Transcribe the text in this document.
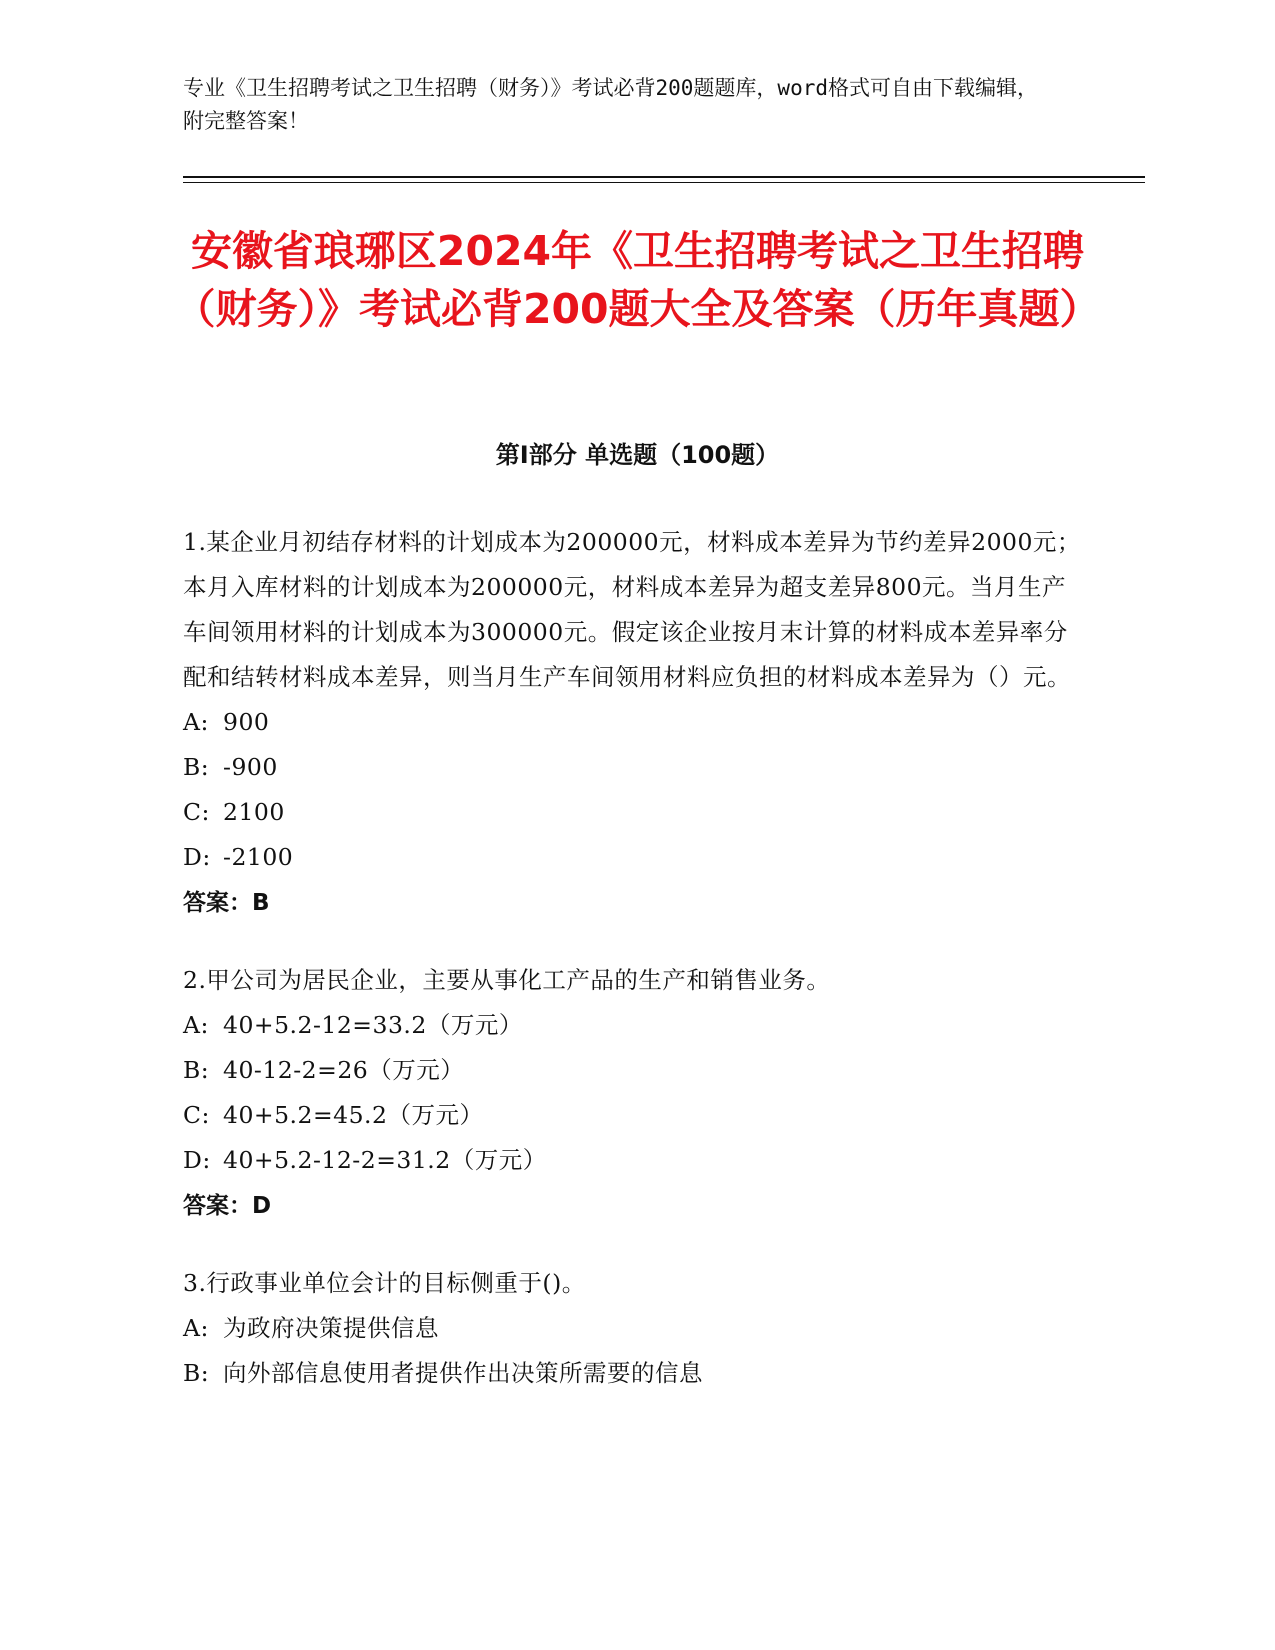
专业《卫生招聘考试之卫生招聘（财务）》考试必背200题题库，word格式可自由下载编辑，附完整答案！
安徽省琅琊区2024年《卫生招聘考试之卫生招聘（财务）》考试必背200题大全及答案（历年真题）
第I部分 单选题（100题）

1.某企业月初结存材料的计划成本为200000元，材料成本差异为节约差异2000元；本月入库材料的计划成本为200000元，材料成本差异为超支差异800元。当月生产车间领用材料的计划成本为300000元。假定该企业按月末计算的材料成本差异率分配和结转材料成本差异，则当月生产车间领用材料应负担的材料成本差异为（）元。

A: 900
B: -900
C: 2100
D: -2100
答案：B

2.甲公司为居民企业，主要从事化工产品的生产和销售业务。

A: 40+5.2-12=33.2（万元）
B: 40-12-2=26（万元）
C: 40+5.2=45.2（万元）
D: 40+5.2-12-2=31.2（万元）
答案：D

3.行政事业单位会计的目标侧重于()。

A: 为政府决策提供信息
B: 向外部信息使用者提供作出决策所需要的信息
